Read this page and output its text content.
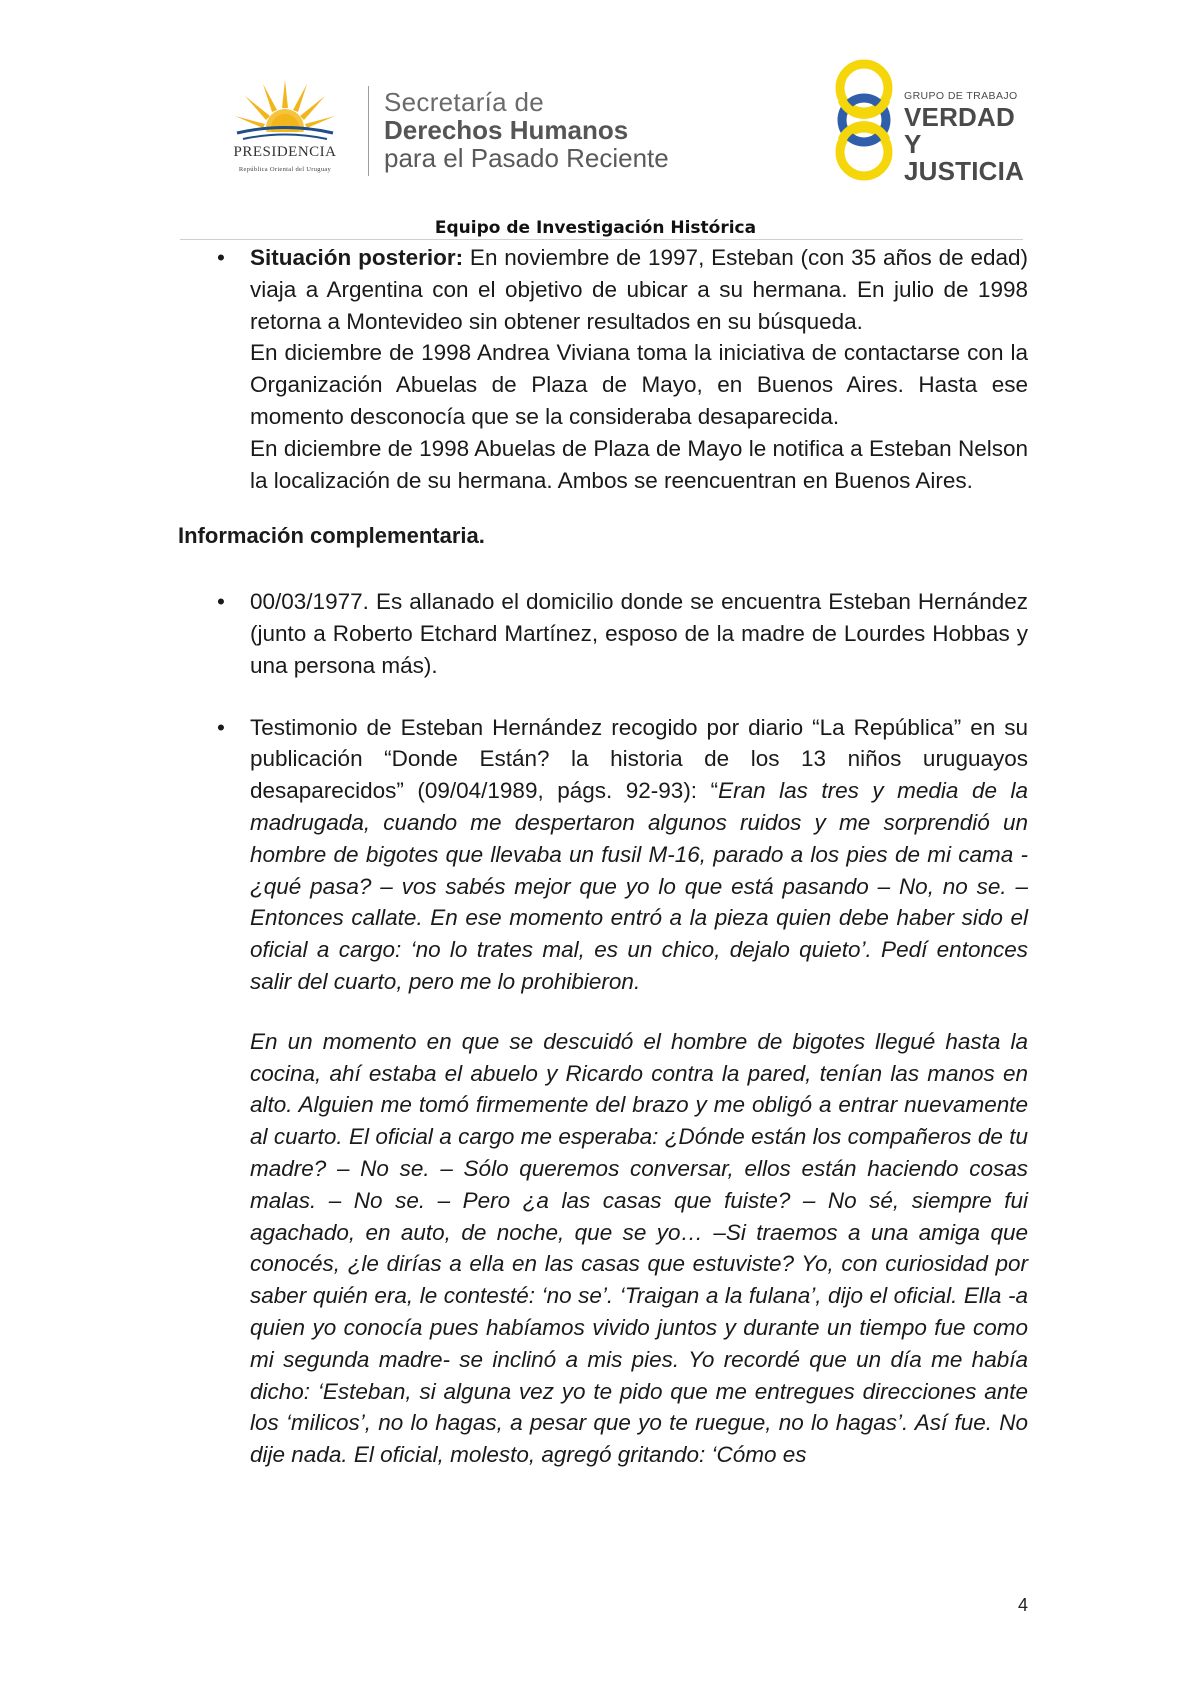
PRESIDENCIA
República Oriental del Uruguay
Secretaría de
Derechos Humanos
para el Pasado Reciente
GRUPO DE TRABAJO
VERDAD Y
JUSTICIA
Equipo de Investigación Histórica
• Situación posterior: En noviembre de 1997, Esteban (con 35 años de edad) viaja a Argentina con el objetivo de ubicar a su hermana. En julio de 1998 retorna a Montevideo sin obtener resultados en su búsqueda.

En diciembre de 1998 Andrea Viviana toma la iniciativa de contactarse con la Organización Abuelas de Plaza de Mayo, en Buenos Aires. Hasta ese momento desconocía que se la consideraba desaparecida.

En diciembre de 1998 Abuelas de Plaza de Mayo le notifica a Esteban Nelson la localización de su hermana. Ambos se reencuentran en Buenos Aires.

Información complementaria.
• 00/03/1977. Es allanado el domicilio donde se encuentra Esteban Hernández (junto a Roberto Etchard Martínez, esposo de la madre de Lourdes Hobbas y una persona más).

• Testimonio de Esteban Hernández recogido por diario “La República” en su publicación “Donde Están? la historia de los 13 niños uruguayos desaparecidos” (09/04/1989, págs. 92-93): “Eran las tres y media de la madrugada, cuando me despertaron algunos ruidos y me sorprendió un hombre de bigotes que llevaba un fusil M-16, parado a los pies de mi cama -¿qué pasa? – vos sabés mejor que yo lo que está pasando – No, no se. – Entonces callate. En ese momento entró a la pieza quien debe haber sido el oficial a cargo: ‘no lo trates mal, es un chico, dejalo quieto’. Pedí entonces salir del cuarto, pero me lo prohibieron.

En un momento en que se descuidó el hombre de bigotes llegué hasta la cocina, ahí estaba el abuelo y Ricardo contra la pared, tenían las manos en alto. Alguien me tomó firmemente del brazo y me obligó a entrar nuevamente al cuarto. El oficial a cargo me esperaba: ¿Dónde están los compañeros de tu madre? – No se. – Sólo queremos conversar, ellos están haciendo cosas malas. – No se. – Pero ¿a las casas que fuiste? – No sé, siempre fui agachado, en auto, de noche, que se yo… –Si traemos a una amiga que conocés, ¿le dirías a ella en las casas que estuviste? Yo, con curiosidad por saber quién era, le contesté: ‘no se’. ‘Traigan a la fulana’, dijo el oficial. Ella -a quien yo conocía pues habíamos vivido juntos y durante un tiempo fue como mi segunda madre- se inclinó a mis pies. Yo recordé que un día me había dicho: ‘Esteban, si alguna vez yo te pido que me entregues direcciones ante los ‘milicos’, no lo hagas, a pesar que yo te ruegue, no lo hagas’. Así fue. No dije nada. El oficial, molesto, agregó gritando: ‘Cómo es

4
